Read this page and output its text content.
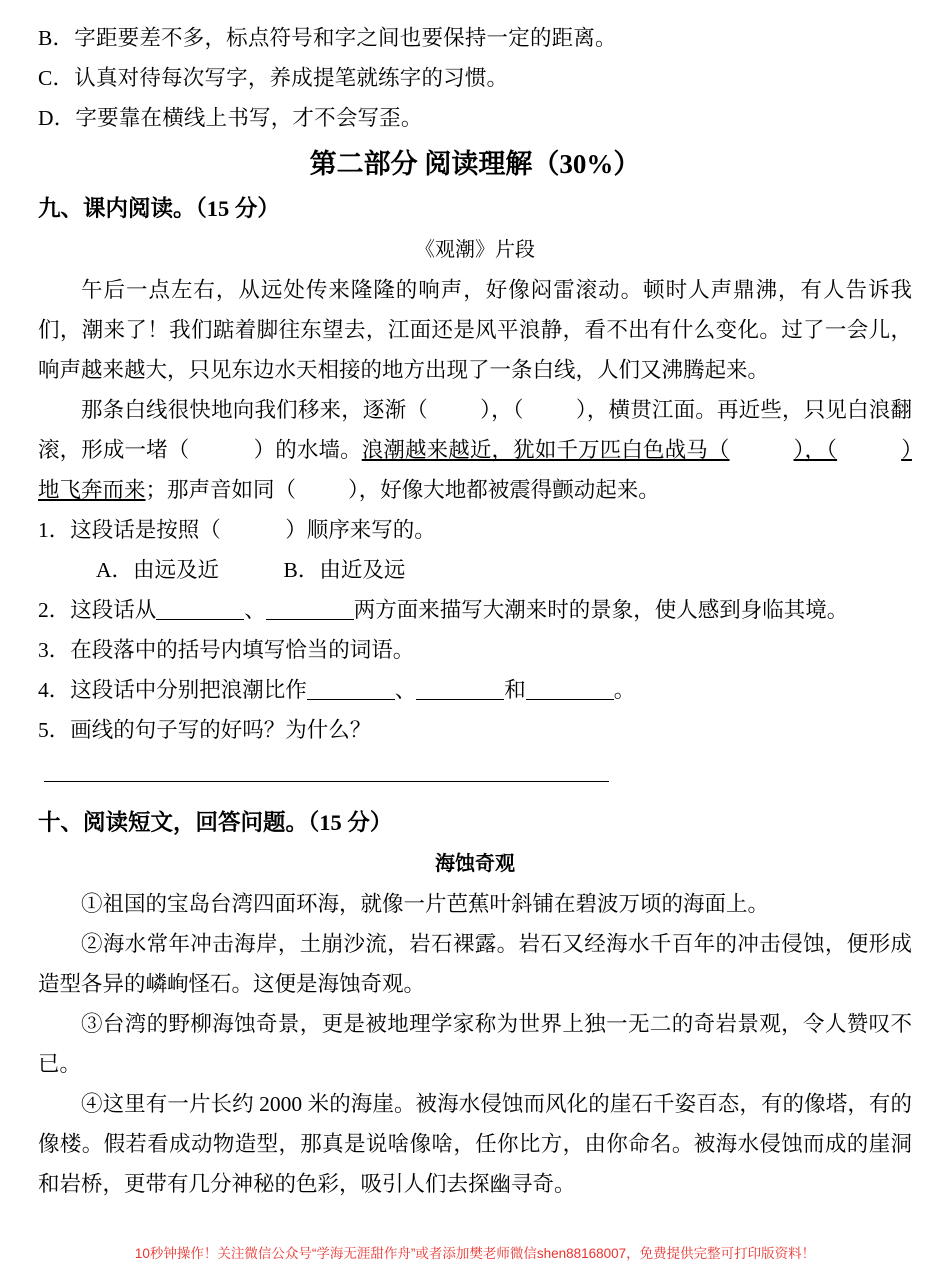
B．字距要差不多，标点符号和字之间也要保持一定的距离。
C．认真对待每次写字，养成提笔就练字的习惯。
D．字要靠在横线上书写，才不会写歪。
第二部分 阅读理解（30%）
九、课内阅读。（15 分）
《观潮》片段
午后一点左右，从远处传来隆隆的响声，好像闷雷滚动。顿时人声鼎沸，有人告诉我们，潮来了！我们踮着脚往东望去，江面还是风平浪静，看不出有什么变化。过了一会儿，响声越来越大，只见东边水天相接的地方出现了一条白线，人们又沸腾起来。
那条白线很快地向我们移来，逐渐（ ），（ ），横贯江面。再近些，只见白浪翻滚，形成一堵（	）的水墙。浪潮越来越近，犹如千万匹白色战马（	），（	）地飞奔而来；那声音如同（ ），好像大地都被震得颤动起来。
1．这段话是按照（　　　）顺序来写的。
A．由远及近　　　B．由近及远
2．这段话从	、	两方面来描写大潮来时的景象，使人感到身临其境。
3．在段落中的括号内填写恰当的词语。
4．这段话中分别把浪潮比作	、	和	。
5．画线的句子写的好吗？为什么？
十、阅读短文，回答问题。（15 分）
海蚀奇观
①祖国的宝岛台湾四面环海，就像一片芭蕉叶斜铺在碧波万顷的海面上。
②海水常年冲击海岸，土崩沙流，岩石裸露。岩石又经海水千百年的冲击侵蚀，便形成造型各异的嶙峋怪石。这便是海蚀奇观。
③台湾的野柳海蚀奇景，更是被地理学家称为世界上独一无二的奇岩景观，令人赞叹不已。
④这里有一片长约 2000 米的海崖。被海水侵蚀而风化的崖石千姿百态，有的像塔，有的像楼。假若看成动物造型，那真是说啥像啥，任你比方，由你命名。被海水侵蚀而成的崖洞和岩桥，更带有几分神秘的色彩，吸引人们去探幽寻奇。
10秒钟操作！关注微信公众号“学海无涯甜作舟”或者添加樊老师微信shen88168007，免费提供完整可打印版资料！
